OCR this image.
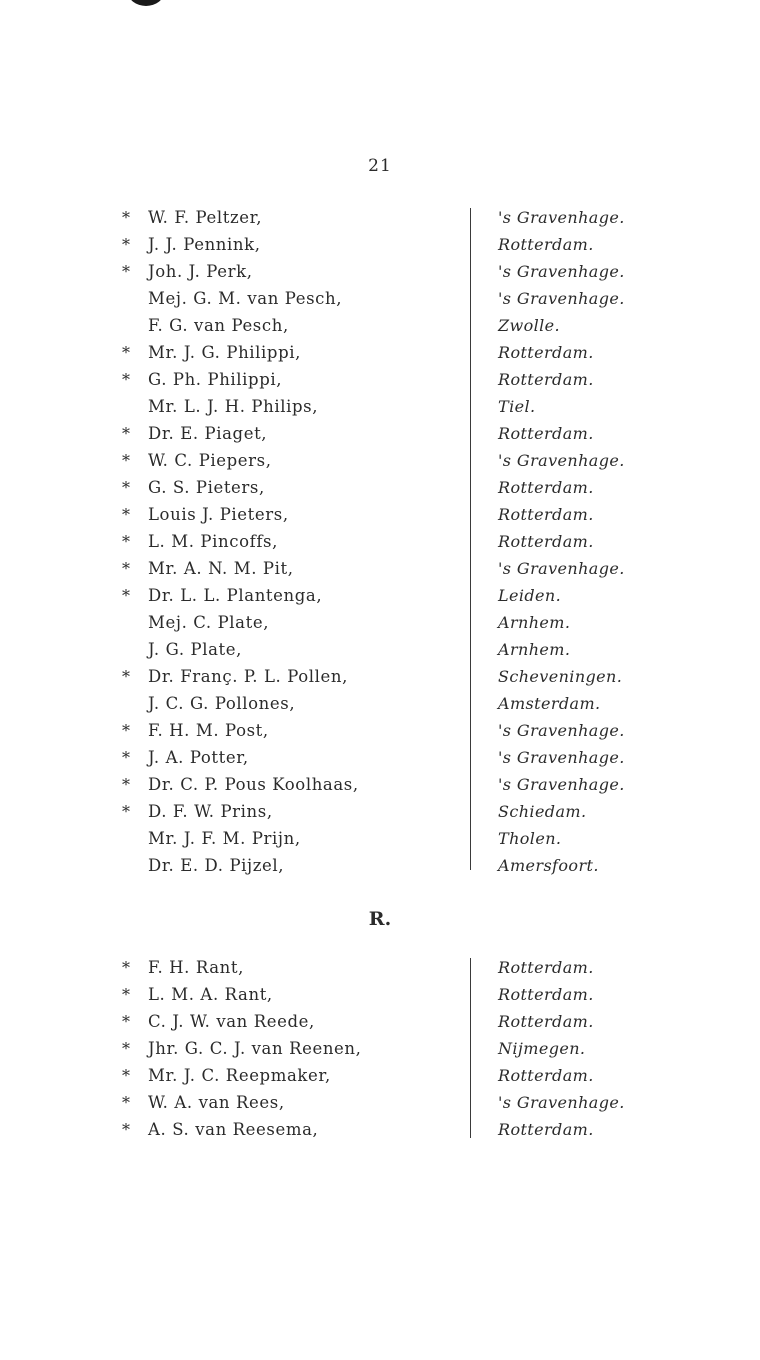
21
*	W. F. Peltzer,	's Gravenhage.
*	J. J. Pennink,	Rotterdam.
*	Joh. J. Perk,	's Gravenhage.
Mej. G. M. van Pesch,	's Gravenhage.
F. G. van Pesch,	Zwolle.
*	Mr. J. G. Philippi,	Rotterdam.
*	G. Ph. Philippi,	Rotterdam.
Mr. L. J. H. Philips,	Tiel.
*	Dr. E. Piaget,	Rotterdam.
*	W. C. Piepers,	's Gravenhage.
*	G. S. Pieters,	Rotterdam.
*	Louis J. Pieters,	Rotterdam.
*	L. M. Pincoffs,	Rotterdam.
*	Mr. A. N. M. Pit,	's Gravenhage.
*	Dr. L. L. Plantenga,	Leiden.
Mej. C. Plate,	Arnhem.
J. G. Plate,	Arnhem.
*	Dr. Franç. P. L. Pollen,	Scheveningen.
J. C. G. Pollones,	Amsterdam.
*	F. H. M. Post,	's Gravenhage.
*	J. A. Potter,	's Gravenhage.
*	Dr. C. P. Pous Koolhaas,	's Gravenhage.
*	D. F. W. Prins,	Schiedam.
Mr. J. F. M. Prijn,	Tholen.
Dr. E. D. Pijzel,	Amersfoort.
R.
*	F. H. Rant,	Rotterdam.
*	L. M. A. Rant,	Rotterdam.
*	C. J. W. van Reede,	Rotterdam.
*	Jhr. G. C. J. van Reenen,	Nijmegen.
*	Mr. J. C. Reepmaker,	Rotterdam.
*	W. A. van Rees,	's Gravenhage.
*	A. S. van Reesema,	Rotterdam.
